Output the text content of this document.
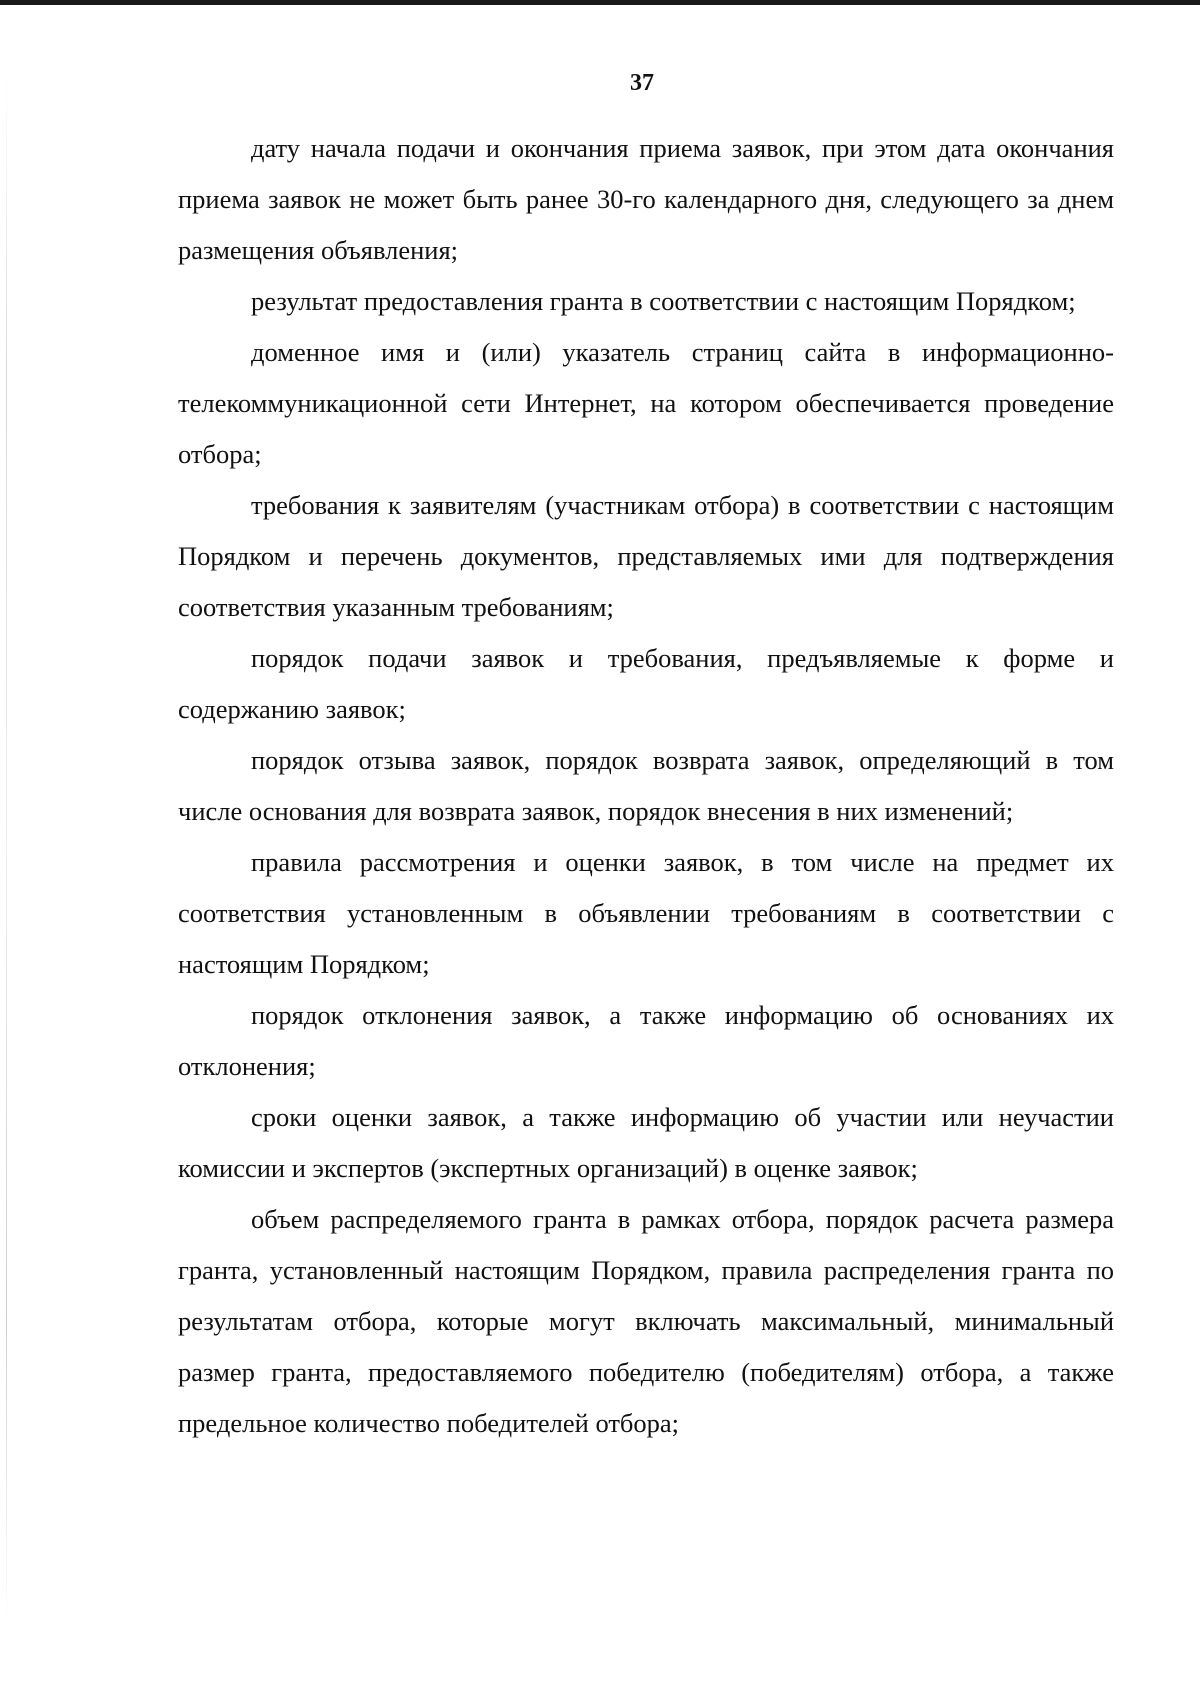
37

дату начала подачи и окончания приема заявок, при этом дата окончания приема заявок не может быть ранее 30-го календарного дня, следующего за днем размещения объявления;

результат предоставления гранта в соответствии с настоящим Порядком;

доменное имя и (или) указатель страниц сайта в информационно-телекоммуникационной сети Интернет, на котором обеспечивается проведение отбора;

требования к заявителям (участникам отбора) в соответствии с настоящим Порядком и перечень документов, представляемых ими для подтверждения соответствия указанным требованиям;

порядок подачи заявок и требования, предъявляемые к форме и содержанию заявок;

порядок отзыва заявок, порядок возврата заявок, определяющий в том числе основания для возврата заявок, порядок внесения в них изменений;

правила рассмотрения и оценки заявок, в том числе на предмет их соответствия установленным в объявлении требованиям в соответствии с настоящим Порядком;

порядок отклонения заявок, а также информацию об основаниях их отклонения;

сроки оценки заявок, а также информацию об участии или неучастии комиссии и экспертов (экспертных организаций) в оценке заявок;

объем распределяемого гранта в рамках отбора, порядок расчета размера гранта, установленный настоящим Порядком, правила распределения гранта по результатам отбора, которые могут включать максимальный, минимальный размер гранта, предоставляемого победителю (победителям) отбора, а также предельное количество победителей отбора;
